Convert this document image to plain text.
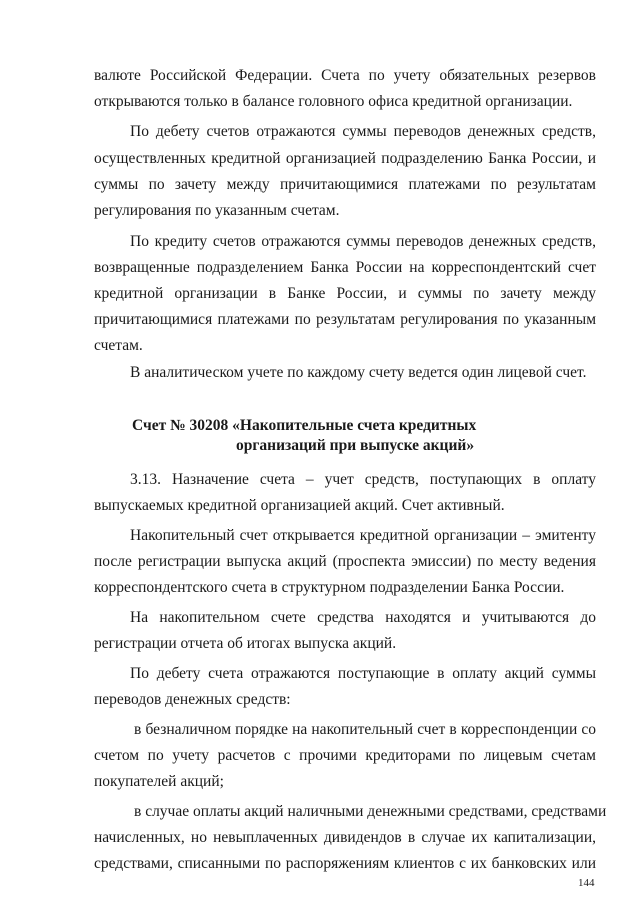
валюте Российской Федерации. Счета по учету обязательных резервов
открываются только в балансе головного офиса кредитной организации.
По дебету счетов отражаются суммы переводов денежных средств,
осуществленных кредитной организацией подразделению Банка России, и
суммы по зачету между причитающимися платежами по результатам
регулирования по указанным счетам.
По кредиту счетов отражаются суммы переводов денежных средств,
возвращенные подразделением Банка России на корреспондентский счет
кредитной организации в Банке России, и суммы по зачету между
причитающимися платежами по результатам регулирования по указанным
счетам.
В аналитическом учете по каждому счету ведется один лицевой счет.
Счет № 30208 «Накопительные счета кредитных
организаций при выпуске акций»
3.13. Назначение счета – учет средств, поступающих в оплату
выпускаемых кредитной организацией акций. Счет активный.
Накопительный счет открывается кредитной организации – эмитенту
после регистрации выпуска акций (проспекта эмиссии) по месту ведения
корреспондентского счета в структурном подразделении Банка России.
На накопительном счете средства находятся и учитываются до
регистрации отчета об итогах выпуска акций.
По дебету счета отражаются поступающие в оплату акций суммы
переводов денежных средств:
в безналичном порядке на накопительный счет в корреспонденции со
счетом по учету расчетов с прочими кредиторами по лицевым счетам
покупателей акций;
в случае оплаты акций наличными денежными средствами, средствами
начисленных, но невыплаченных дивидендов в случае их капитализации,
средствами, списанными по распоряжениям клиентов с их банковских или
144
